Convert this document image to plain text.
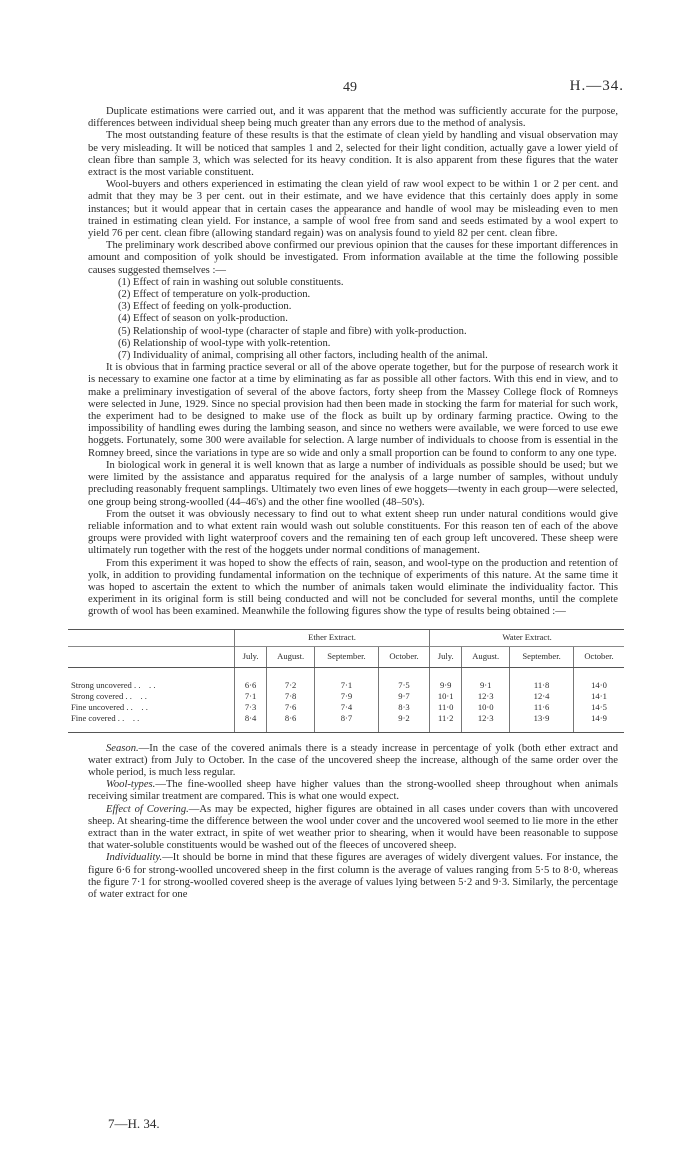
49	H.—34.

Duplicate estimations were carried out, and it was apparent that the method was sufficiently accurate for the purpose, differences between individual sheep being much greater than any errors due to the method of analysis.

The most outstanding feature of these results is that the estimate of clean yield by handling and visual observation may be very misleading. It will be noticed that samples 1 and 2, selected for their light condition, actually gave a lower yield of clean fibre than sample 3, which was selected for its heavy condition. It is also apparent from these figures that the water extract is the most variable constituent.

Wool-buyers and others experienced in estimating the clean yield of raw wool expect to be within 1 or 2 per cent. and admit that they may be 3 per cent. out in their estimate, and we have evidence that this certainly does apply in some instances; but it would appear that in certain cases the appearance and handle of wool may be misleading even to men trained in estimating clean yield. For instance, a sample of wool free from sand and seeds estimated by a wool expert to yield 76 per cent. clean fibre (allowing standard regain) was on analysis found to yield 82 per cent. clean fibre.

The preliminary work described above confirmed our previous opinion that the causes for these important differences in amount and composition of yolk should be investigated. From information available at the time the following possible causes suggested themselves :—

(1) Effect of rain in washing out soluble constituents.
(2) Effect of temperature on yolk-production.
(3) Effect of feeding on yolk-production.
(4) Effect of season on yolk-production.
(5) Relationship of wool-type (character of staple and fibre) with yolk-production.
(6) Relationship of wool-type with yolk-retention.
(7) Individuality of animal, comprising all other factors, including health of the animal.

It is obvious that in farming practice several or all of the above operate together, but for the purpose of research work it is necessary to examine one factor at a time by eliminating as far as possible all other factors. With this end in view, and to make a preliminary investigation of several of the above factors, forty sheep from the Massey College flock of Romneys were selected in June, 1929. Since no special provision had then been made in stocking the farm for material for such work, the experiment had to be designed to make use of the flock as built up by ordinary farming practice. Owing to the impossibility of handling ewes during the lambing season, and since no wethers were available, we were forced to use ewe hoggets. Fortunately, some 300 were available for selection. A large number of individuals to choose from is essential in the Romney breed, since the variations in type are so wide and only a small proportion can be found to conform to any one type.

In biological work in general it is well known that as large a number of individuals as possible should be used; but we were limited by the assistance and apparatus required for the analysis of a large number of samples, without unduly precluding reasonably frequent samplings. Ultimately two even lines of ewe hoggets—twenty in each group—were selected, one group being strong-woolled (44–46's) and the other fine woolled (48–50's).

From the outset it was obviously necessary to find out to what extent sheep run under natural conditions would give reliable information and to what extent rain would wash out soluble constituents. For this reason ten of each of the above groups were provided with light waterproof covers and the remaining ten of each group left uncovered. These sheep were ultimately run together with the rest of the hoggets under normal conditions of management.

From this experiment it was hoped to show the effects of rain, season, and wool-type on the production and retention of yolk, in addition to providing fundamental information on the technique of experiments of this nature. At the same time it was hoped to ascertain the extent to which the number of animals taken would eliminate the individuality factor. This experiment in its original form is still being conducted and will not be concluded for several months, until the complete growth of wool has been examined. Meanwhile the following figures show the type of results being obtained :—

	Ether Extract.				Water Extract.			
	July.	August.	September.	October.	July.	August.	September.	October.
Strong uncovered . .    . .	6·6	7·2	7·1	7·5	9·9	9·1	11·8	14·0
Strong covered . .    . .	7·1	7·8	7·9	9·7	10·1	12·3	12·4	14·1
Fine uncovered . .    . .	7·3	7·6	7·4	8·3	11·0	10·0	11·6	14·5
Fine covered . .    . .	8·4	8·6	8·7	9·2	11·2	12·3	13·9	14·9

Season.—In the case of the covered animals there is a steady increase in percentage of yolk (both ether extract and water extract) from July to October. In the case of the uncovered sheep the increase, although of the same order over the whole period, is much less regular.

Wool-types.—The fine-woolled sheep have higher values than the strong-woolled sheep throughout when animals receiving similar treatment are compared. This is what one would expect.

Effect of Covering.—As may be expected, higher figures are obtained in all cases under covers than with uncovered sheep. At shearing-time the difference between the wool under cover and the uncovered wool seemed to lie more in the ether extract than in the water extract, in spite of wet weather prior to shearing, when it would have been reasonable to suppose that water-soluble constituents would be washed out of the fleeces of uncovered sheep.

Individuality.—It should be borne in mind that these figures are averages of widely divergent values. For instance, the figure 6·6 for strong-woolled uncovered sheep in the first column is the average of values ranging from 5·5 to 8·0, whereas the figure 7·1 for strong-woolled covered sheep is the average of values lying between 5·2 and 9·3. Similarly, the percentage of water extract for one

7—H. 34.
